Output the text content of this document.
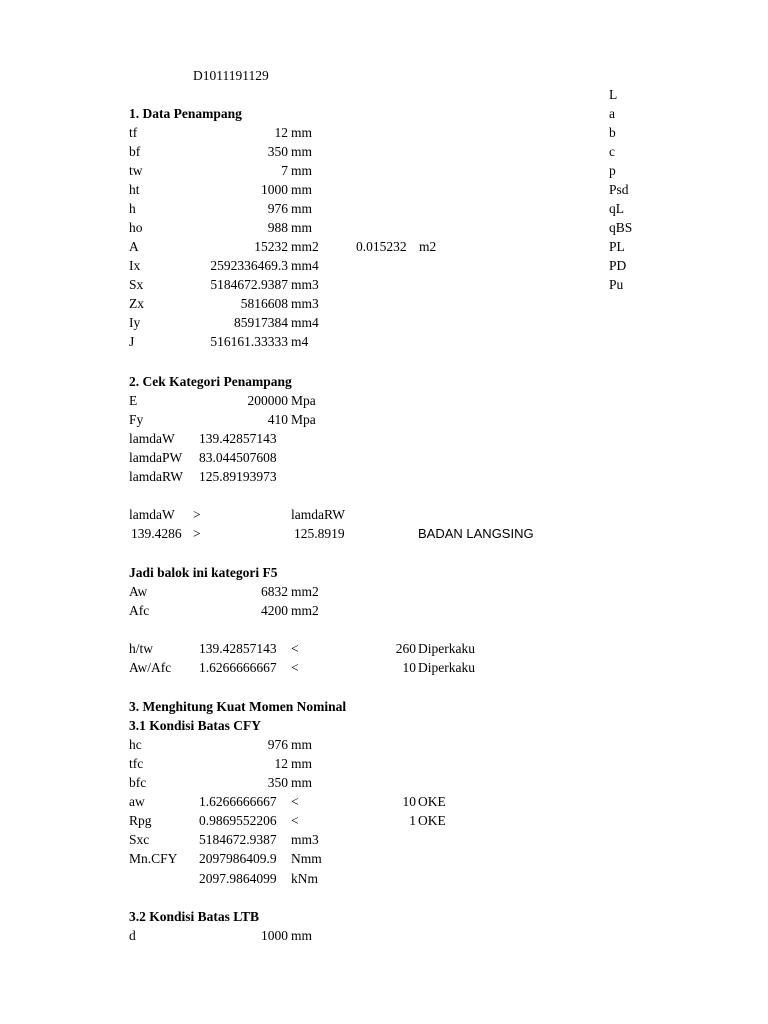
D1011191129
L
a
b
c
p
Psd
qL
qBS
PL
PD
Pu
1. Data Penampang
tf	12 mm
bf	350 mm
tw	7 mm
ht	1000 mm
h	976 mm
ho	988 mm
A	15232 mm2	0.015232 m2
Ix	2592336469.3 mm4
Sx	5184672.9387 mm3
Zx	5816608 mm3
Iy	85917384 mm4
J	516161.33333 m4
2. Cek Kategori Penampang
E	200000 Mpa
Fy	410 Mpa
lamdaW 139.42857143
lamdaPW 83.044507608
lamdaRW 125.89193973
lamdaW >	lamdaRW
139.4286 >	125.8919	BADAN LANGSING
Jadi balok ini kategori F5
Aw	6832 mm2
Afc	4200 mm2
h/tw	139.42857143 <	260 Diperkaku
Aw/Afc 1.6266666667 <	10 Diperkaku
3. Menghitung Kuat Momen Nominal
3.1 Kondisi Batas CFY
hc	976 mm
tfc	12 mm
bfc	350 mm
aw	1.6266666667 <	10 OKE
Rpg	0.9869552206 <	1 OKE
Sxc	5184672.9387 mm3
Mn.CFY 2097986409.9 Nmm
2097.9864099 kNm
3.2 Kondisi Batas LTB
d	1000 mm
